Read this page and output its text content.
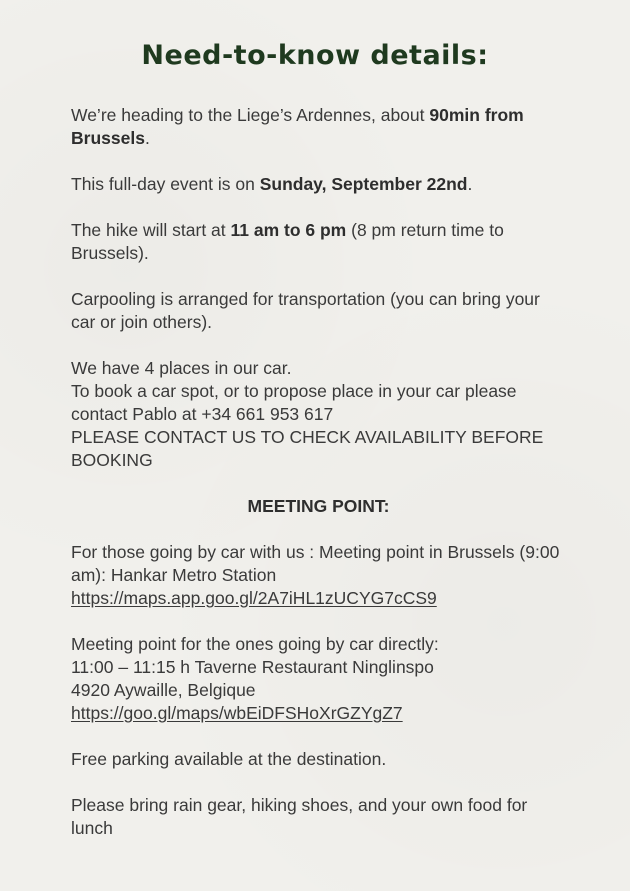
Need-to-know details:

We’re heading to the Liege’s Ardennes, about 90min from Brussels.

This full-day event is on Sunday, September 22nd.

The hike will start at 11 am to 6 pm (8 pm return time to Brussels).

Carpooling is arranged for transportation (you can bring your car or join others).

We have 4 places in our car.
To book a car spot, or to propose place in your car please contact Pablo at +34 661 953 617
PLEASE CONTACT US TO CHECK AVAILABILITY BEFORE BOOKING

MEETING POINT:

For those going by car with us : Meeting point in Brussels (9:00 am): Hankar Metro Station
https://maps.app.goo.gl/2A7iHL1zUCYG7cCS9

Meeting point for the ones going by car directly:
11:00 – 11:15 h Taverne Restaurant Ninglinspo
4920 Aywaille, Belgique
https://goo.gl/maps/wbEiDFSHoXrGZYgZ7

Free parking available at the destination.

Please bring rain gear, hiking shoes, and your own food for lunch
